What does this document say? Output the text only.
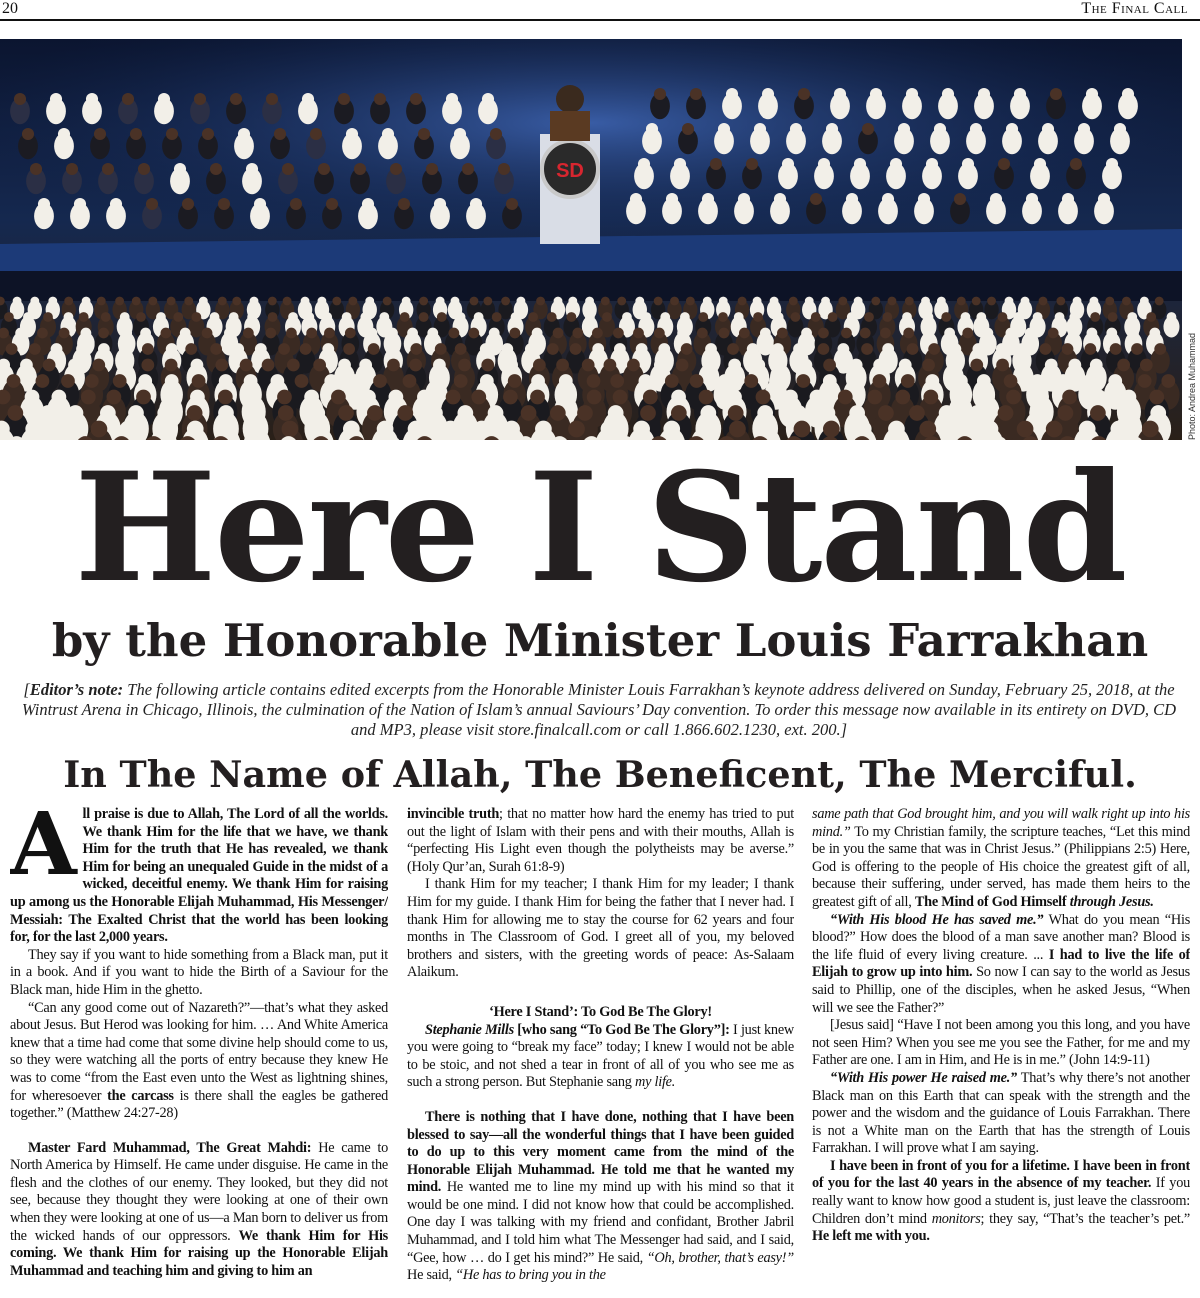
20	The Final Call
SD
Photo: Andrea Muhammad
Here I Stand
by the Honorable Minister Louis Farrakhan
[Editor’s note: The following article contains edited excerpts from the Honorable Minister Louis Farrakhan’s keynote address delivered on Sunday, February 25, 2018, at the Wintrust Arena in Chicago, Illinois, the culmination of the Nation of Islam’s annual Saviours’ Day convention. To order this message now available in its entirety on DVD, CD and MP3, please visit store.finalcall.com or call 1.866.602.1230, ext. 200.]
In The Name of Allah, The Beneficent, The Merciful.

All praise is due to Allah, The Lord of all the worlds. We thank Him for the life that we have, we thank Him for the truth that He has revealed, we thank Him for being an unequaled Guide in the midst of a wicked, deceitful enemy. We thank Him for raising up among us the Honorable Elijah Muhammad, His Messenger/ Messiah: The Exalted Christ that the world has been looking for, for the last 2,000 years.

They say if you want to hide something from a Black man, put it in a book. And if you want to hide the Birth of a Saviour for the Black man, hide Him in the ghetto.

“Can any good come out of Nazareth?”—that’s what they asked about Jesus. But Herod was looking for him. … And White America knew that a time had come that some divine help should come to us, so they were watching all the ports of entry because they knew He was to come “from the East even unto the West as lightning shines, for wheresoever the carcass is there shall the eagles be gathered together.” (Matthew 24:27-28)

Master Fard Muhammad, The Great Mahdi: He came to North America by Himself. He came under disguise. He came in the flesh and the clothes of our enemy. They looked, but they did not see, because they thought they were looking at one of their own when they were looking at one of us—a Man born to deliver us from the wicked hands of our oppressors. We thank Him for His coming. We thank Him for raising up the Honorable Elijah Muhammad and teaching him and giving to him an

invincible truth; that no matter how hard the enemy has tried to put out the light of Islam with their pens and with their mouths, Allah is “perfecting His Light even though the polytheists may be averse.” (Holy Qur’an, Surah 61:8-9)

I thank Him for my teacher; I thank Him for my leader; I thank Him for my guide. I thank Him for being the father that I never had. I thank Him for allowing me to stay the course for 62 years and four months in The Classroom of God. I greet all of you, my beloved brothers and sisters, with the greeting words of peace: As-Salaam Alaikum.

‘Here I Stand’: To God Be The Glory!

Stephanie Mills [who sang “To God Be The Glory”]: I just knew you were going to “break my face” today; I knew I would not be able to be stoic, and not shed a tear in front of all of you who see me as such a strong person. But Stephanie sang my life.

There is nothing that I have done, nothing that I have been blessed to say—all the wonderful things that I have been guided to do up to this very moment came from the mind of the Honorable Elijah Muhammad. He told me that he wanted my mind. He wanted me to line my mind up with his mind so that it would be one mind. I did not know how that could be accomplished. One day I was talking with my friend and confidant, Brother Jabril Muhammad, and I told him what The Messenger had said, and I said, “Gee, how … do I get his mind?” He said, “Oh, brother, that’s easy!” He said, “He has to bring you in the

same path that God brought him, and you will walk right up into his mind.” To my Christian family, the scripture teaches, “Let this mind be in you the same that was in Christ Jesus.” (Philippians 2:5) Here, God is offering to the people of His choice the greatest gift of all, because their suffering, under served, has made them heirs to the greatest gift of all, The Mind of God Himself through Jesus.

“With His blood He has saved me.” What do you mean “His blood?” How does the blood of a man save another man? Blood is the life fluid of every living creature. ... I had to live the life of Elijah to grow up into him. So now I can say to the world as Jesus said to Phillip, one of the disciples, when he asked Jesus, “When will we see the Father?”

[Jesus said] “Have I not been among you this long, and you have not seen Him? When you see me you see the Father, for me and my Father are one. I am in Him, and He is in me.” (John 14:9-11)

“With His power He raised me.” That’s why there’s not another Black man on this Earth that can speak with the strength and the power and the wisdom and the guidance of Louis Farrakhan. There is not a White man on the Earth that has the strength of Louis Farrakhan. I will prove what I am saying.

I have been in front of you for a lifetime. I have been in front of you for the last 40 years in the absence of my teacher. If you really want to know how good a student is, just leave the classroom: Children don’t mind monitors; they say, “That’s the teacher’s pet.” He left me with you.
